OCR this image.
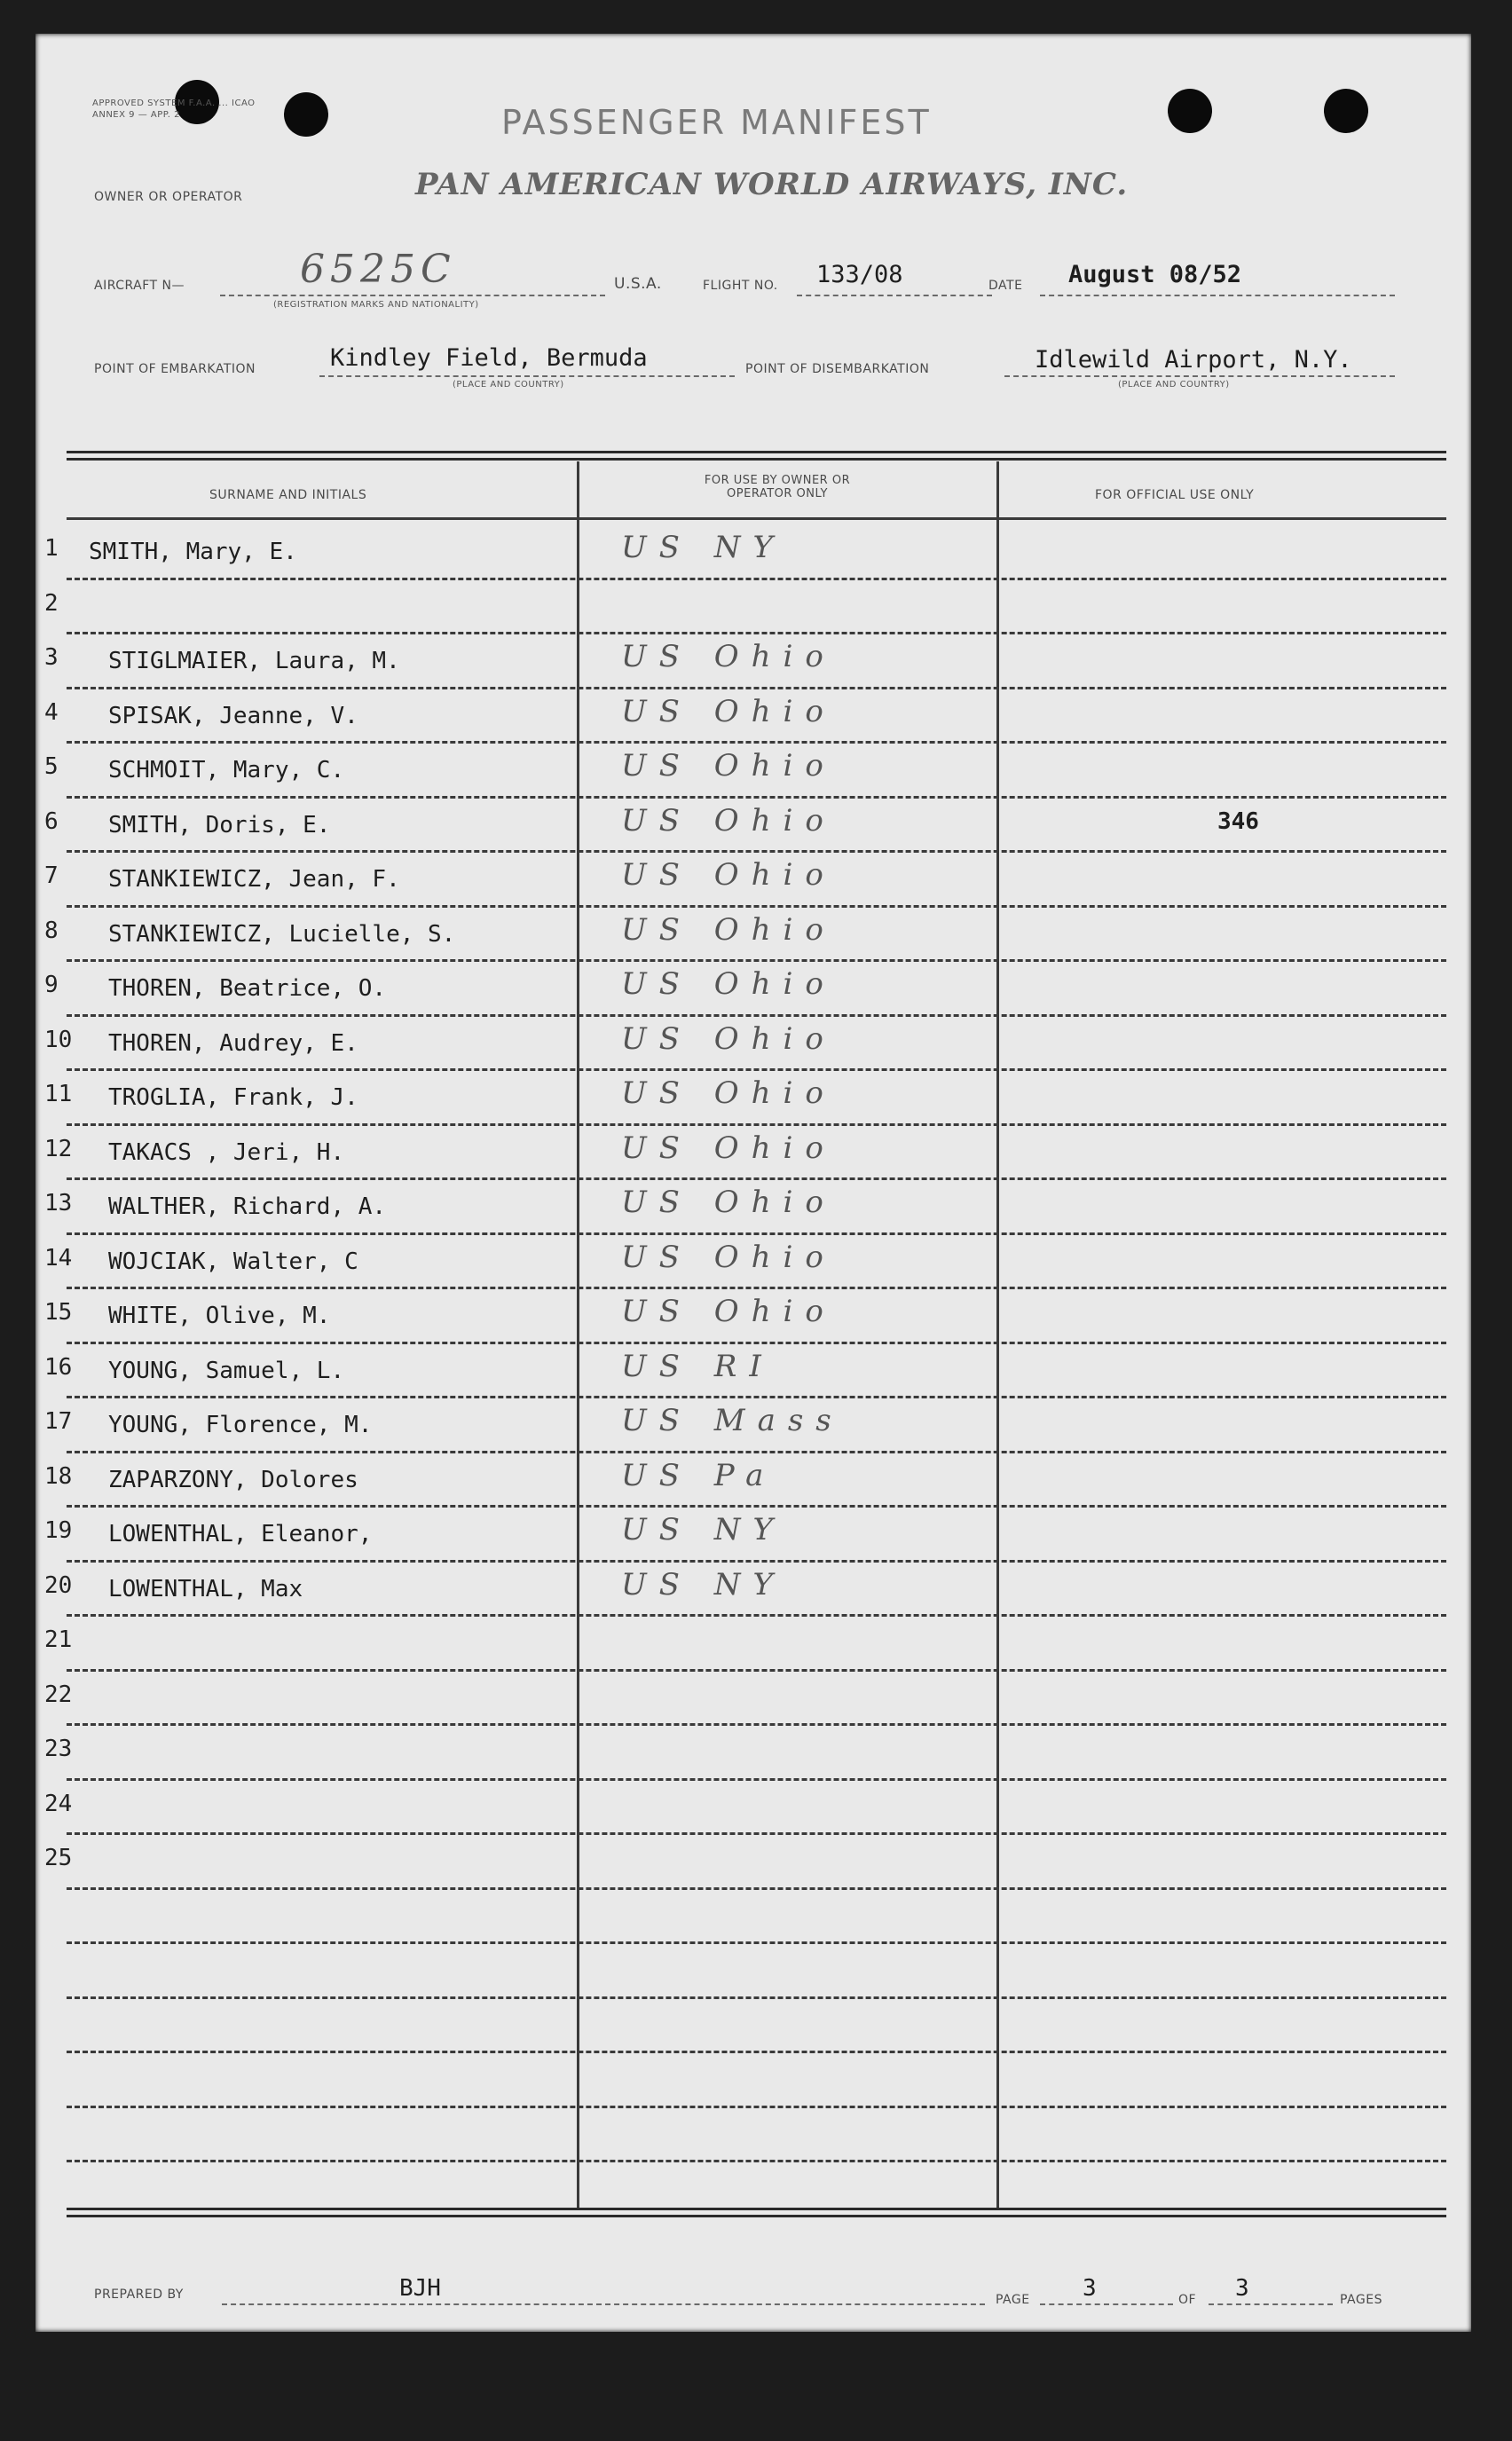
APPROVED SYSTEM F.A.A. ... ICAO ANNEX 9 — APP. 2	PASSENGER MANIFEST
OWNER OR OPERATOR	PAN AMERICAN WORLD AIRWAYS, INC.
AIRCRAFT N—	6525C
(REGISTRATION MARKS AND NATIONALITY)
U.S.A.	FLIGHT NO. 133/08	DATE August 08/52
POINT OF EMBARKATION	Kindley Field, Bermuda
(PLACE AND COUNTRY)
POINT OF DISEMBARKATION	Idlewild Airport, N.Y.
(PLACE AND COUNTRY)
SURNAME AND INITIALS
FOR USE BY OWNER OR OPERATOR ONLY	FOR OFFICIAL USE ONLY
1 SMITH, Mary, E.	US NY
2
3 STIGLMAIER, Laura, M.	US Ohio
4 SPISAK, Jeanne, V.	US Ohio
5 SCHMOIT, Mary, C.	US Ohio
6 SMITH, Doris, E.	US Ohio	346
7 STANKIEWICZ, Jean, F.	US Ohio
8 STANKIEWICZ, Lucielle, S.	US Ohio
9 THOREN, Beatrice, O.	US Ohio
10 THOREN, Audrey, E.	US Ohio
11 TROGLIA, Frank, J.	US Ohio
12 TAKACS , Jeri, H.	US Ohio
13 WALTHER, Richard, A.	US Ohio
14 WOJCIAK, Walter, C	US Ohio
15 WHITE, Olive, M.	US Ohio
16 YOUNG, Samuel, L.	US RI
17 YOUNG, Florence, M.	US Mass
18 ZAPARZONY, Dolores	US Pa
19 LOWENTHAL, Eleanor,	US NY
20 LOWENTHAL, Max	US NY
21
22
23
24
25
PREPARED BY	BJH	PAGE 3	OF 3	PAGES
